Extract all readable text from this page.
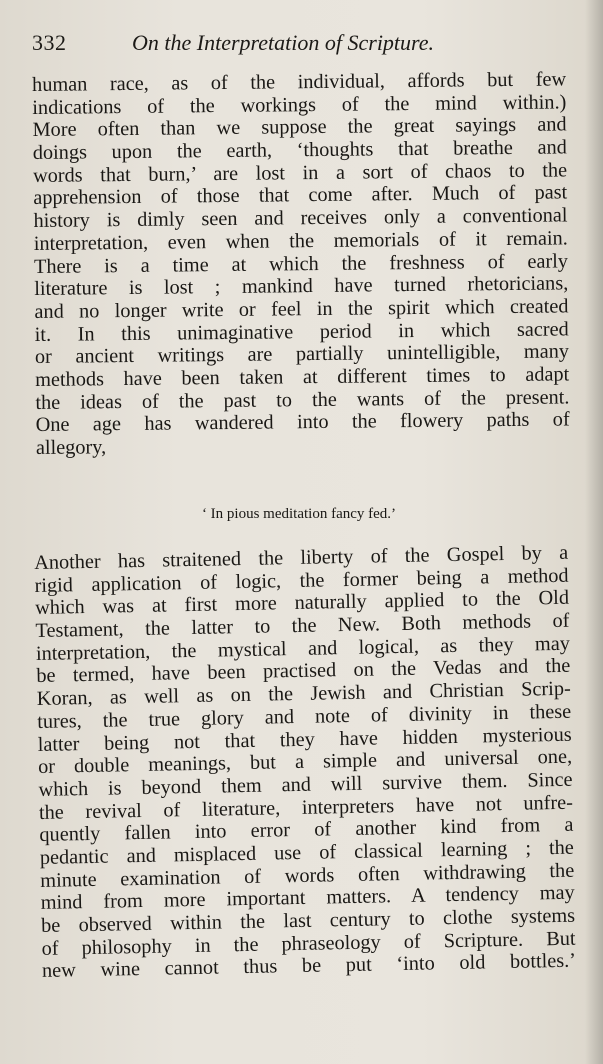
332	On the Interpretation of Scripture.
human race, as of the individual, affords but few
indications of the workings of the mind within.)
More often than we suppose the great sayings and
doings upon the earth, ‘thoughts that breathe and
words that burn,’ are lost in a sort of chaos to the
apprehension of those that come after. Much of past
history is dimly seen and receives only a conventional
interpretation, even when the memorials of it remain.
There is a time at which the freshness of early
literature is lost ; mankind have turned rhetoricians,
and no longer write or feel in the spirit which created
it. In this unimaginative period in which sacred
or ancient writings are partially unintelligible, many
methods have been taken at different times to adapt
the ideas of the past to the wants of the present.
One age has wandered into the flowery paths of
allegory,
‘ In pious meditation fancy fed.’
Another has straitened the liberty of the Gospel by a
rigid application of logic, the former being a method
which was at first more naturally applied to the Old
Testament, the latter to the New. Both methods of
interpretation, the mystical and logical, as they may
be termed, have been practised on the Vedas and the
Koran, as well as on the Jewish and Christian Scrip-
tures, the true glory and note of divinity in these
latter being not that they have hidden mysterious
or double meanings, but a simple and universal one,
which is beyond them and will survive them. Since
the revival of literature, interpreters have not unfre-
quently fallen into error of another kind from a
pedantic and misplaced use of classical learning ; the
minute examination of words often withdrawing the
mind from more important matters. A tendency may
be observed within the last century to clothe systems
of philosophy in the phraseology of Scripture. But
new wine cannot thus be put ‘into old bottles.’
